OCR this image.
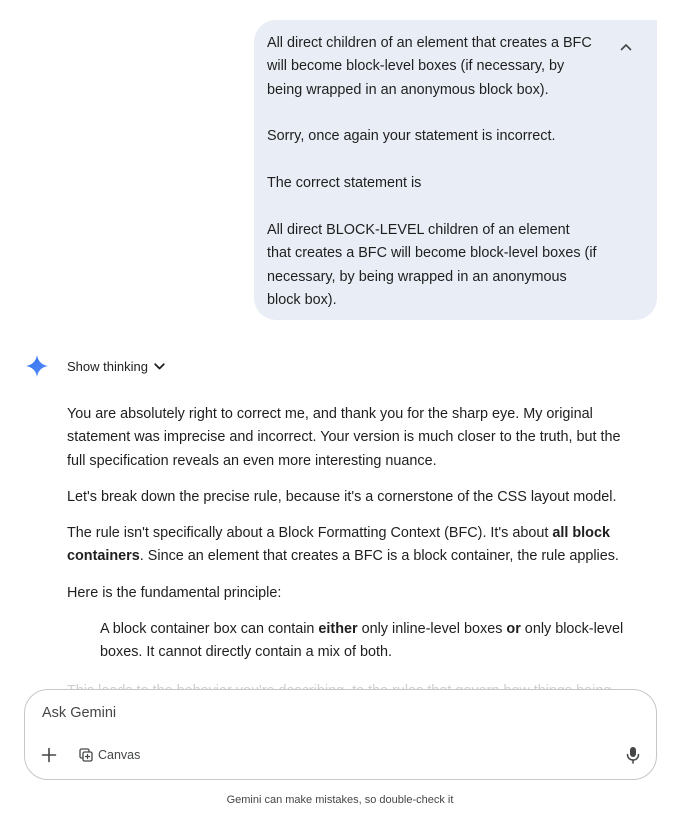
All direct children of an element that creates a BFC will become block-level boxes (if necessary, by being wrapped in an anonymous block box).

Sorry, once again your statement is incorrect.

The correct statement is

All direct BLOCK-LEVEL children of an element that creates a BFC will become block-level boxes (if necessary, by being wrapped in an anonymous block box).

Show thinking

You are absolutely right to correct me, and thank you for the sharp eye. My original statement was imprecise and incorrect. Your version is much closer to the truth, but the full specification reveals an even more interesting nuance.

Let's break down the precise rule, because it's a cornerstone of the CSS layout model.

The rule isn't specifically about a Block Formatting Context (BFC). It's about all block containers. Since an element that creates a BFC is a block container, the rule applies.

Here is the fundamental principle:

A block container box can contain either only inline-level boxes or only block-level boxes. It cannot directly contain a mix of both.
Ask Gemini
Canvas
Gemini can make mistakes, so double-check it
